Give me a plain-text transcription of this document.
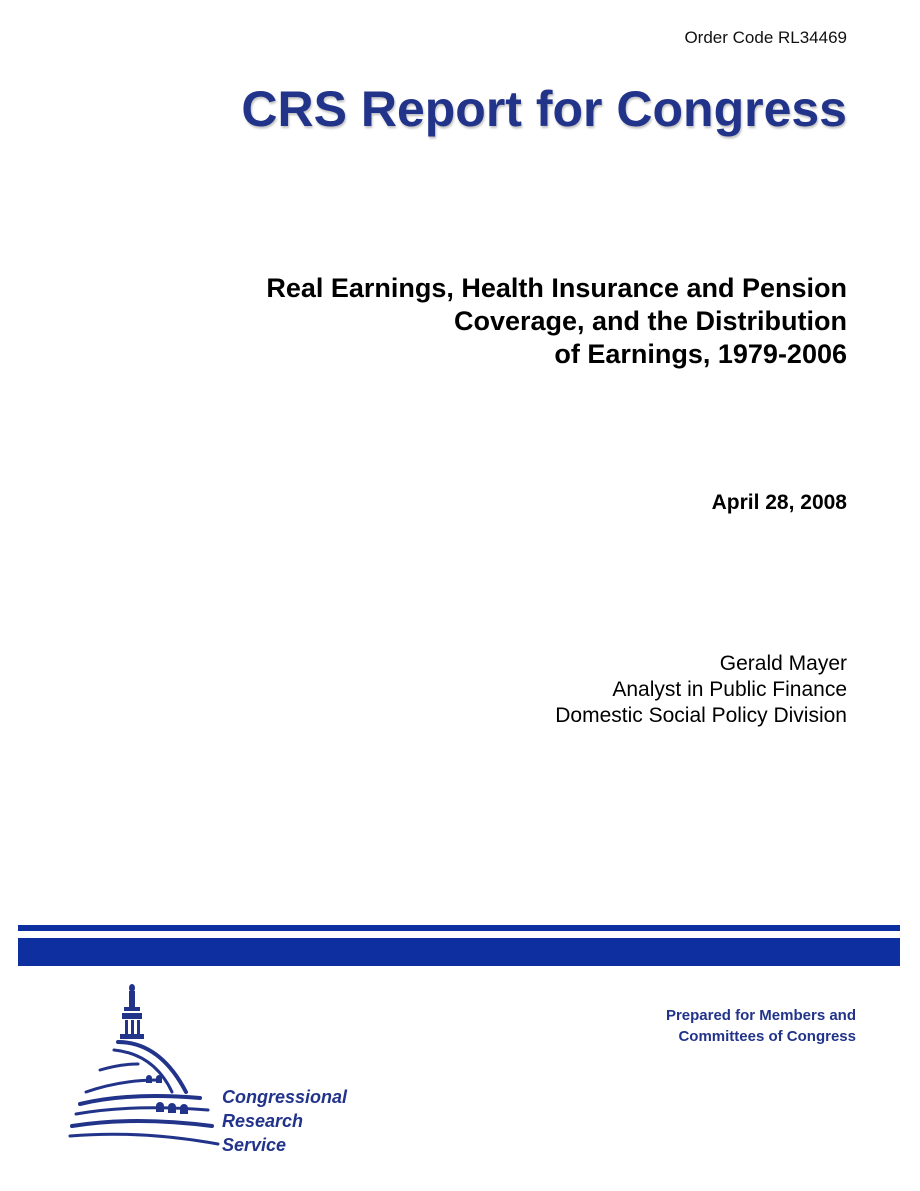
Order Code RL34469
CRS Report for Congress
Real Earnings, Health Insurance and Pension
Coverage, and the Distribution
of Earnings, 1979-2006
April 28, 2008
Gerald Mayer
Analyst in Public Finance
Domestic Social Policy Division
Prepared for Members and
Committees of Congress
Congressional
Research
Service
